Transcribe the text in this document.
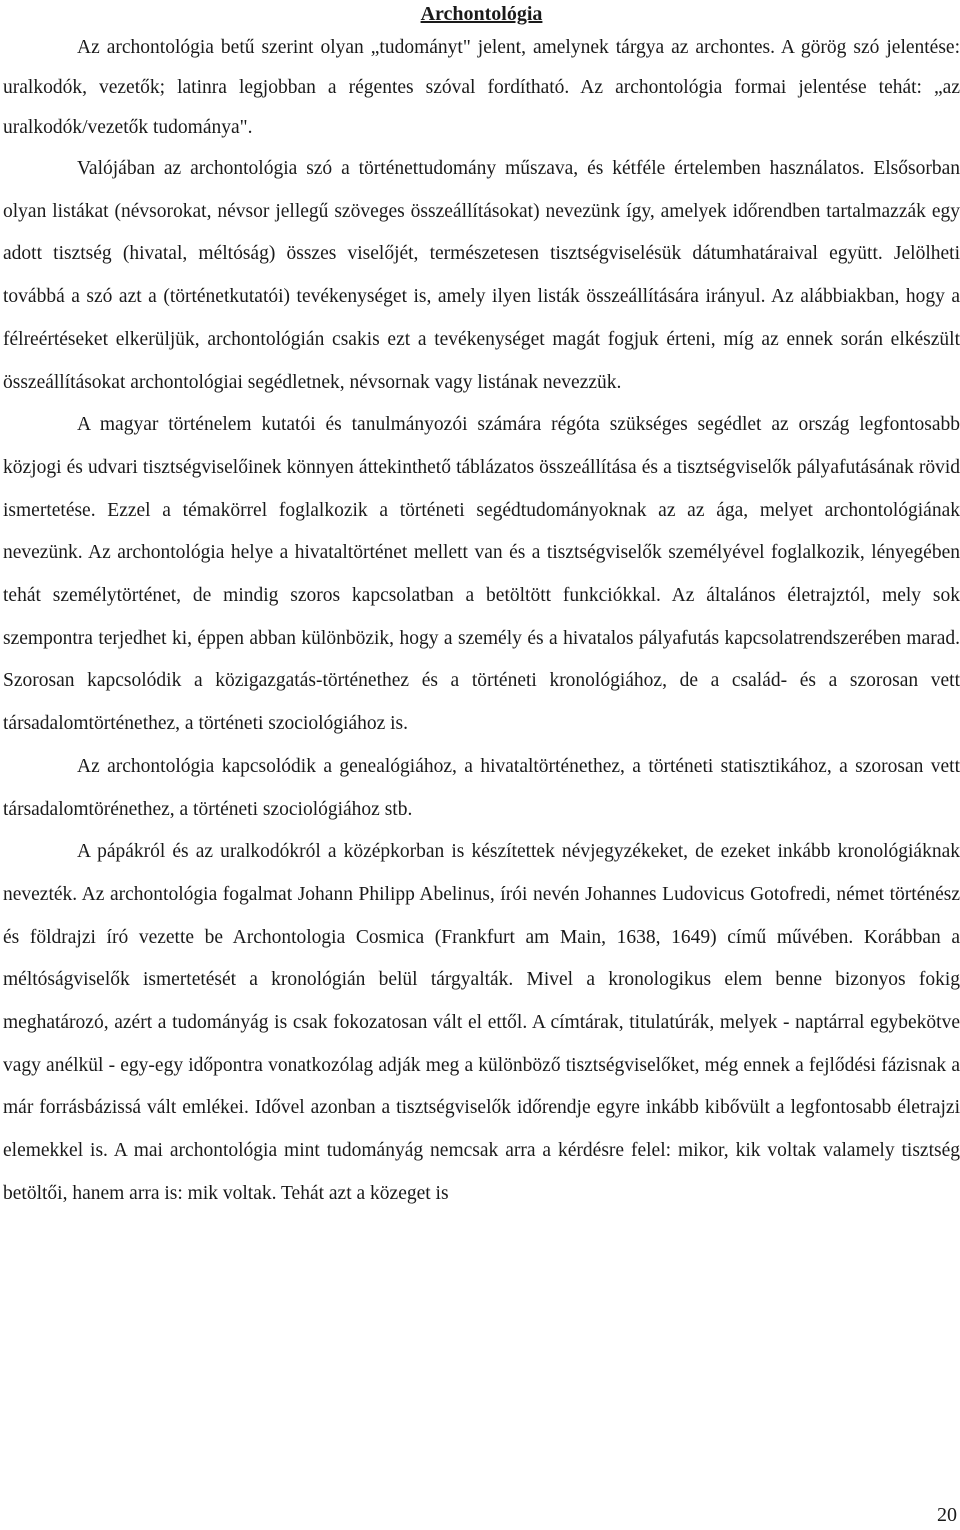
Archontológia

Az archontológia betű szerint olyan „tudományt" jelent, amelynek tárgya az archontes. A görög szó jelentése: uralkodók, vezetők; latinra legjobban a régentes szóval fordítható. Az archontológia formai jelentése tehát: „az uralkodók/vezetők tudománya".

Valójában az archontológia szó a történettudomány műszava, és kétféle értelemben használatos. Elsősorban olyan listákat (névsorokat, névsor jellegű szöveges összeállításokat) nevezünk így, amelyek időrendben tartalmazzák egy adott tisztség (hivatal, méltóság) összes viselőjét, természetesen tisztségviselésük dátumhatáraival együtt. Jelölheti továbbá a szó azt a (történetkutatói) tevékenységet is, amely ilyen listák összeállítására irányul. Az alábbiakban, hogy a félreértéseket elkerüljük, archontológián csakis ezt a tevékenységet magát fogjuk érteni, míg az ennek során elkészült összeállításokat archontológiai segédletnek, névsornak vagy listának nevezzük.

A magyar történelem kutatói és tanulmányozói számára régóta szükséges segédlet az ország legfontosabb közjogi és udvari tisztségviselőinek könnyen áttekinthető táblázatos összeállítása és a tisztségviselők pályafutásának rövid ismertetése. Ezzel a témakörrel foglalkozik a történeti segédtudományoknak az az ága, melyet archontológiának nevezünk. Az archontológia helye a hivataltörténet mellett van és a tisztségviselők személyével foglalkozik, lényegében tehát személytörténet, de mindig szoros kapcsolatban a betöltött funkciókkal. Az általános életrajztól, mely sok szempontra terjedhet ki, éppen abban különbözik, hogy a személy és a hivatalos pályafutás kapcsolatrendszerében marad. Szorosan kapcsolódik a közigazgatás-történethez és a történeti kronológiához, de a család- és a szorosan vett társadalomtörténethez, a történeti szociológiához is.

Az archontológia kapcsolódik a genealógiához, a hivataltörténethez, a történeti statisztikához, a szorosan vett társadalomtörénethez, a történeti szociológiához stb.

A pápákról és az uralkodókról a középkorban is készítettek névjegyzékeket, de ezeket inkább kronológiáknak nevezték. Az archontológia fogalmat Johann Philipp Abelinus, írói nevén Johannes Ludovicus Gotofredi, német történész és földrajzi író vezette be Archontologia Cosmica (Frankfurt am Main, 1638, 1649) című művében. Korábban a méltóságviselők ismertetését a kronológián belül tárgyalták. Mivel a kronologikus elem benne bizonyos fokig meghatározó, azért a tudományág is csak fokozatosan vált el ettől. A címtárak, titulatúrák, melyek - naptárral egybekötve vagy anélkül - egy-egy időpontra vonatkozólag adják meg a különböző tisztségviselőket, még ennek a fejlődési fázisnak a már forrásbázissá vált emlékei. Idővel azonban a tisztségviselők időrendje egyre inkább kibővült a legfontosabb életrajzi elemekkel is. A mai archontológia mint tudományág nemcsak arra a kérdésre felel: mikor, kik voltak valamely tisztség betöltői, hanem arra is: mik voltak. Tehát azt a közeget is

20
